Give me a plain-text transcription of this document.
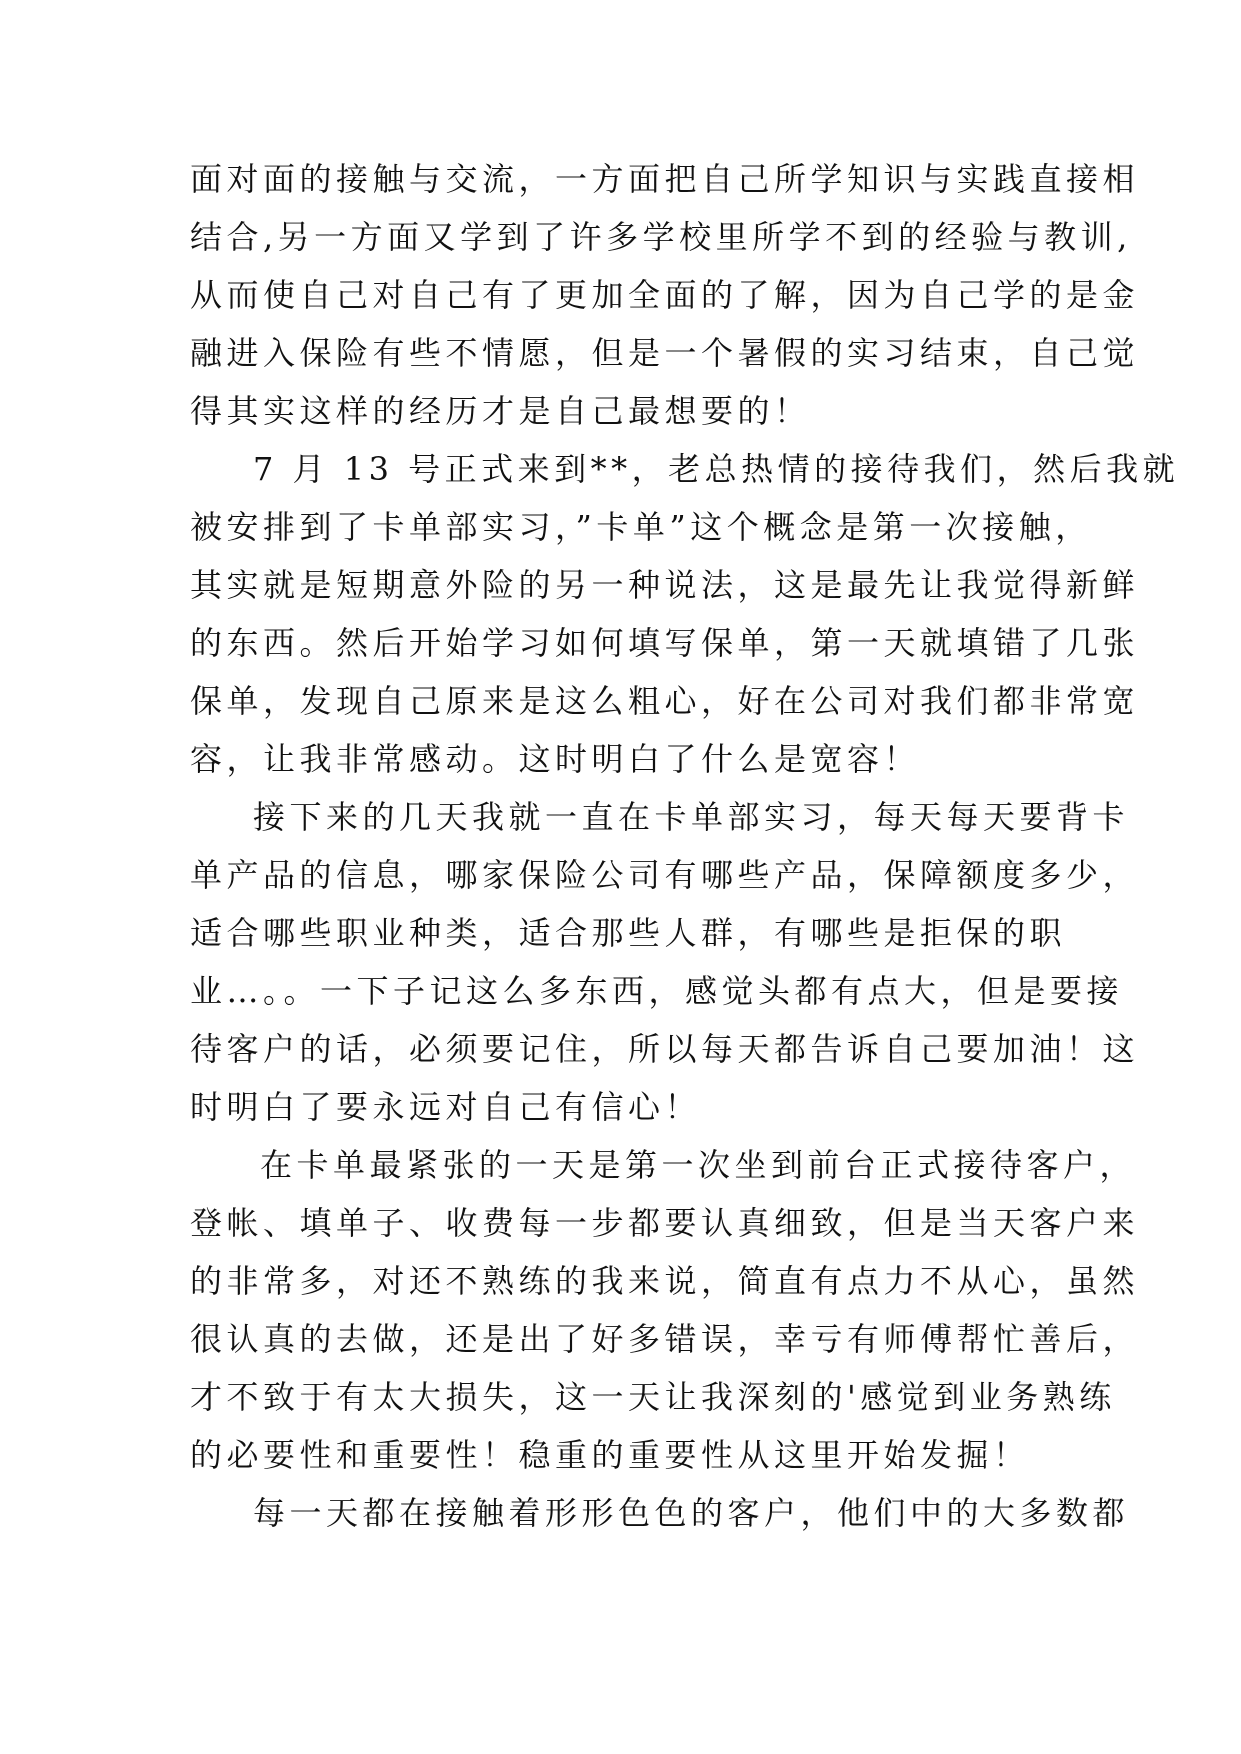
面对面的接触与交流，一方面把自己所学知识与实践直接相
结合,另一方面又学到了许多学校里所学不到的经验与教训,
从而使自己对自己有了更加全面的了解，因为自己学的是金
融进入保险有些不情愿，但是一个暑假的实习结束，自己觉
得其实这样的经历才是自己最想要的！
7 月 13 号正式来到**，老总热情的接待我们，然后我就
被安排到了卡单部实习，”卡单”这个概念是第一次接触，
其实就是短期意外险的另一种说法，这是最先让我觉得新鲜
的东西。然后开始学习如何填写保单，第一天就填错了几张
保单，发现自己原来是这么粗心，好在公司对我们都非常宽
容，让我非常感动。这时明白了什么是宽容！
接下来的几天我就一直在卡单部实习，每天每天要背卡
单产品的信息，哪家保险公司有哪些产品，保障额度多少，
适合哪些职业种类，适合那些人群，有哪些是拒保的职
业…。。一下子记这么多东西，感觉头都有点大，但是要接
待客户的话，必须要记住，所以每天都告诉自己要加油！这
时明白了要永远对自己有信心！
在卡单最紧张的一天是第一次坐到前台正式接待客户，
登帐、填单子、收费每一步都要认真细致，但是当天客户来
的非常多，对还不熟练的我来说，简直有点力不从心，虽然
很认真的去做，还是出了好多错误，幸亏有师傅帮忙善后，
才不致于有太大损失，这一天让我深刻的'感觉到业务熟练
的必要性和重要性！稳重的重要性从这里开始发掘！
每一天都在接触着形形色色的客户，他们中的大多数都
